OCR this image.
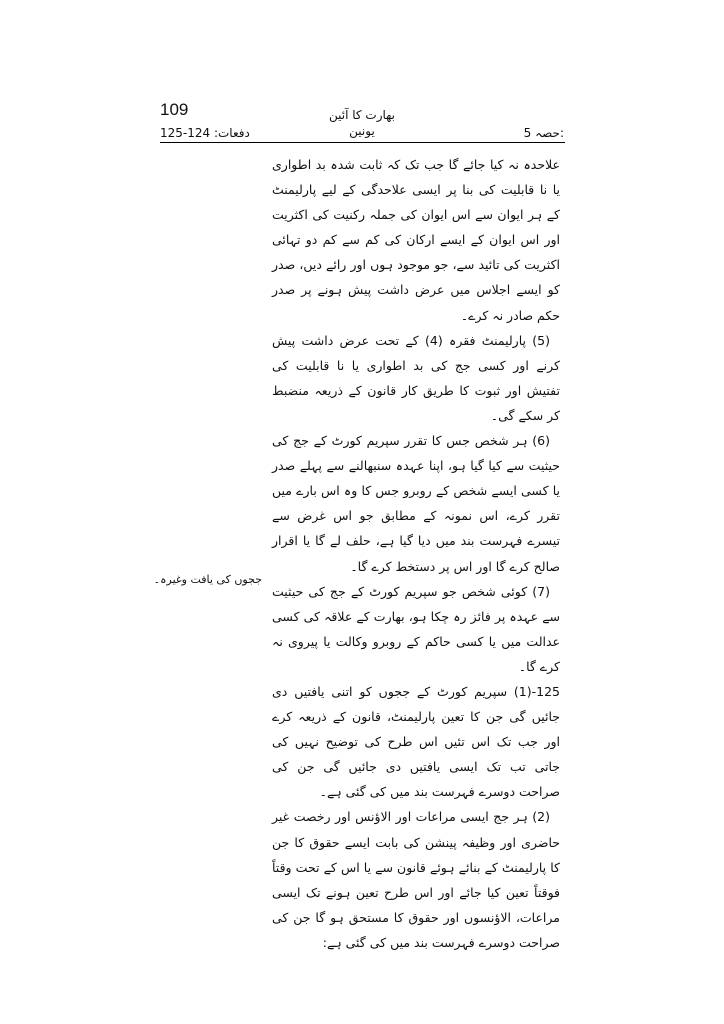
109
دفعات: 124-125
بھارت کا آئین
یونین	حصہ 5:

علاحدہ نہ کیا جائے گا جب تک کہ ثابت شدہ بد اطواری یا نا قابلیت کی بنا پر ایسی علاحدگی کے لیے پارلیمنٹ کے ہر ایوان سے اس ایوان کی جملہ رکنیت کی اکثریت اور اس ایوان کے ایسے ارکان کی کم سے کم دو تہائی اکثریت کی تائید سے، جو موجود ہوں اور رائے دیں، صدر کو ایسے اجلاس میں عرض داشت پیش ہونے پر صدر حکم صادر نہ کرے۔

(5) پارلیمنٹ فقرہ (4) کے تحت عرض داشت پیش کرنے اور کسی جج کی بد اطواری یا نا قابلیت کی تفتیش اور ثبوت کا طریق کار قانون کے ذریعہ منضبط کر سکے گی۔

(6) ہر شخص جس کا تقرر سپریم کورٹ کے جج کی حیثیت سے کیا گیا ہو، اپنا عہدہ سنبھالنے سے پہلے صدر یا کسی ایسے شخص کے روبرو جس کا وہ اس بارے میں تقرر کرے، اس نمونہ کے مطابق جو اس غرض سے تیسرے فہرست بند میں دیا گیا ہے، حلف لے گا یا اقرار صالح کرے گا اور اس پر دستخط کرے گا۔

(7) کوئی شخص جو سپریم کورٹ کے جج کی حیثیت سے عہدہ پر فائز رہ چکا ہو، بھارت کے علاقہ کی کسی عدالت میں یا کسی حاکم کے روبرو وکالت یا پیروی نہ کرے گا۔

125-(1) سپریم کورٹ کے ججوں کو اتنی یافتیں دی جائیں گی جن کا تعین پارلیمنٹ، قانون کے ذریعہ کرے اور جب تک اس تئیں اس طرح کی توضیح نہیں کی جاتی تب تک ایسی یافتیں دی جائیں گی جن کی صراحت دوسرے فہرست بند میں کی گئی ہے۔

(2) ہر جج ایسی مراعات اور الاؤنس اور رخصت غیر حاضری اور وظیفہ پینشن کی بابت ایسے حقوق کا جن کا پارلیمنٹ کے بنائے ہوئے قانون سے یا اس کے تحت وقتاً فوقتاً تعین کیا جائے اور اس طرح تعین ہونے تک ایسی مراعات، الاؤنسوں اور حقوق کا مستحق ہو گا جن کی صراحت دوسرے فہرست بند میں کی گئی ہے:

ججوں کی یافت وغیرہ۔
